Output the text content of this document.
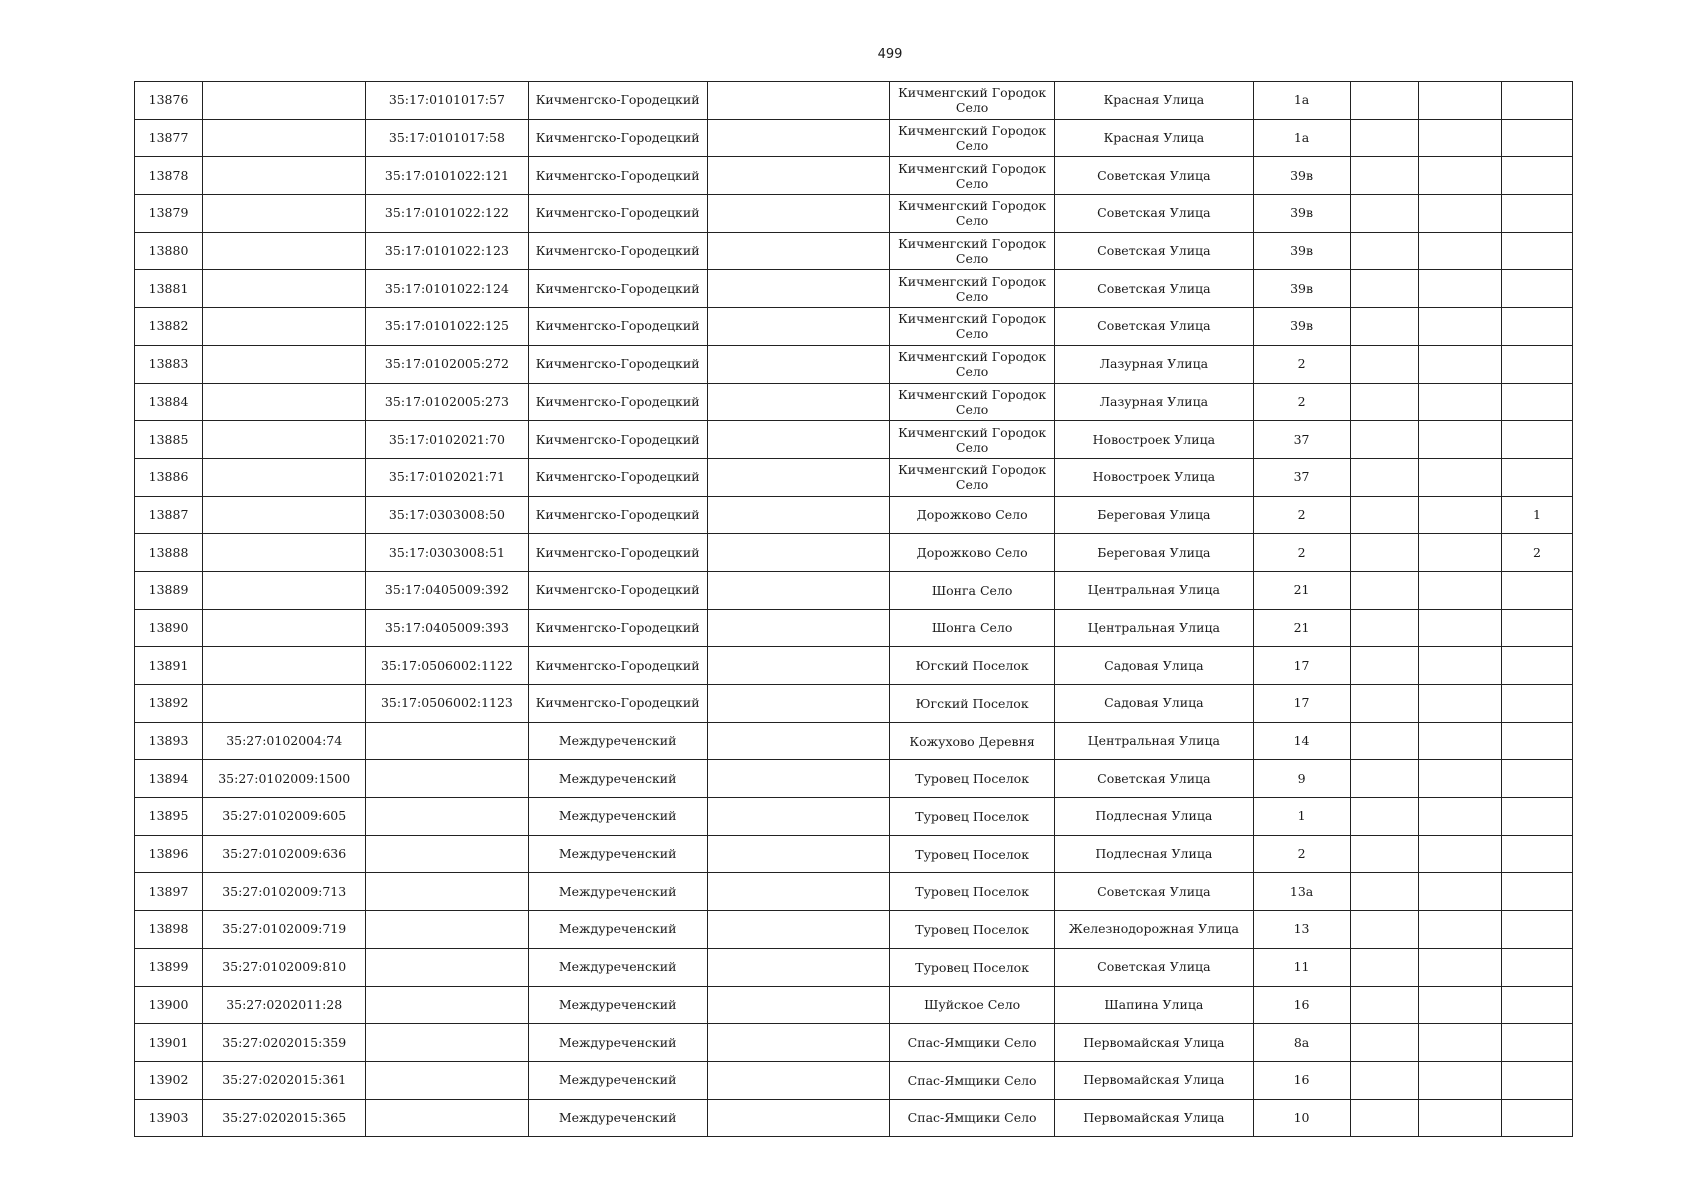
499
13876		35:17:0101017:57	Кичменгско-Городецкий		Кичменгский Городок Село	Красная Улица	1а			
13877		35:17:0101017:58	Кичменгско-Городецкий		Кичменгский Городок Село	Красная Улица	1а			
13878		35:17:0101022:121	Кичменгско-Городецкий		Кичменгский Городок Село	Советская Улица	39в			
13879		35:17:0101022:122	Кичменгско-Городецкий		Кичменгский Городок Село	Советская Улица	39в			
13880		35:17:0101022:123	Кичменгско-Городецкий		Кичменгский Городок Село	Советская Улица	39в			
13881		35:17:0101022:124	Кичменгско-Городецкий		Кичменгский Городок Село	Советская Улица	39в			
13882		35:17:0101022:125	Кичменгско-Городецкий		Кичменгский Городок Село	Советская Улица	39в			
13883		35:17:0102005:272	Кичменгско-Городецкий		Кичменгский Городок Село	Лазурная Улица	2			
13884		35:17:0102005:273	Кичменгско-Городецкий		Кичменгский Городок Село	Лазурная Улица	2			
13885		35:17:0102021:70	Кичменгско-Городецкий		Кичменгский Городок Село	Новостроек Улица	37			
13886		35:17:0102021:71	Кичменгско-Городецкий		Кичменгский Городок Село	Новостроек Улица	37			
13887		35:17:0303008:50	Кичменгско-Городецкий		Дорожково Село	Береговая Улица	2			1
13888		35:17:0303008:51	Кичменгско-Городецкий		Дорожково Село	Береговая Улица	2			2
13889		35:17:0405009:392	Кичменгско-Городецкий		Шонга Село	Центральная Улица	21			
13890		35:17:0405009:393	Кичменгско-Городецкий		Шонга Село	Центральная Улица	21			
13891		35:17:0506002:1122	Кичменгско-Городецкий		Югский Поселок	Садовая Улица	17			
13892		35:17:0506002:1123	Кичменгско-Городецкий		Югский Поселок	Садовая Улица	17			
13893	35:27:0102004:74		Междуреченский		Кожухово Деревня	Центральная Улица	14			
13894	35:27:0102009:1500		Междуреченский		Туровец Поселок	Советская Улица	9			
13895	35:27:0102009:605		Междуреченский		Туровец Поселок	Подлесная Улица	1			
13896	35:27:0102009:636		Междуреченский		Туровец Поселок	Подлесная Улица	2			
13897	35:27:0102009:713		Междуреченский		Туровец Поселок	Советская Улица	13а			
13898	35:27:0102009:719		Междуреченский		Туровец Поселок	Железнодорожная Улица	13			
13899	35:27:0102009:810		Междуреченский		Туровец Поселок	Советская Улица	11			
13900	35:27:0202011:28		Междуреченский		Шуйское Село	Шапина Улица	16			
13901	35:27:0202015:359		Междуреченский		Спас-Ямщики Село	Первомайская Улица	8а			
13902	35:27:0202015:361		Междуреченский		Спас-Ямщики Село	Первомайская Улица	16			
13903	35:27:0202015:365		Междуреченский		Спас-Ямщики Село	Первомайская Улица	10			
